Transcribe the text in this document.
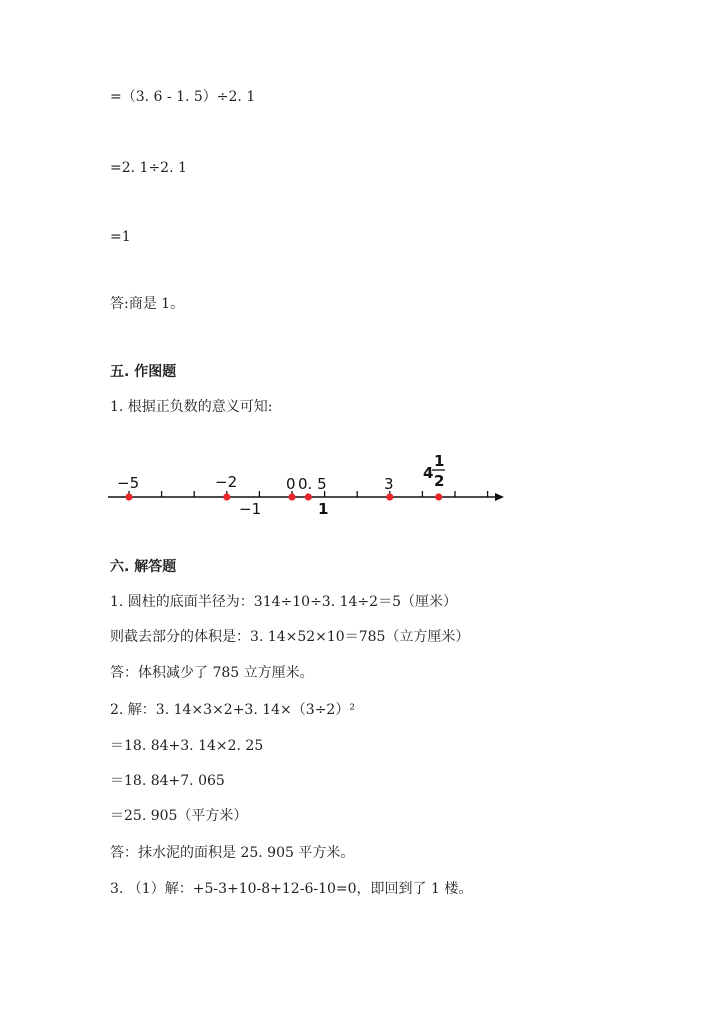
=（3. 6 - 1. 5）÷2. 1
=2. 1÷2. 1
=1
答:商是 1。
五. 作图题
1. 根据正负数的意义可知:
−5	−2	0 0. 5	3
−1	1
4
1
2
六. 解答题
1. 圆柱的底面半径为：314÷10÷3. 14÷2＝5（厘米）
则截去部分的体积是：3. 14×52×10＝785（立方厘米）
答：体积减少了 785 立方厘米。
2. 解：3. 14×3×2+3. 14×（3÷2）²
＝18. 84+3. 14×2. 25
＝18. 84+7. 065
＝25. 905（平方米）
答：抹水泥的面积是 25. 905 平方米。
3. （1）解：+5-3+10-8+12-6-10=0，即回到了 1 楼。
